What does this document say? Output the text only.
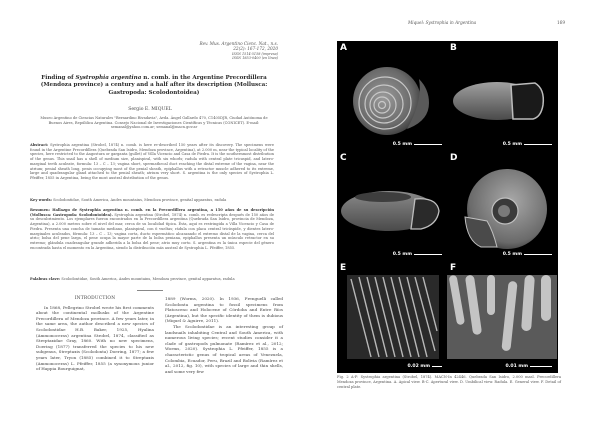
Rev. Mus. Argentino Cienc. Nat., n.s.
22(2): 167-172, 2020
ISSN 1514-5158 (impresa)
ISSN 1853-0400 (en línea)
Finding of Systrophia argentina n. comb. in the Argentine Precordillera (Mendoza province) a century and a half after its description (Mollusca: Gastropoda: Scolodontoidea)
Sergio E. MIQUEL
Museo Argentino de Ciencias Naturales "Bernardino Rivadavia", Avda. Ángel Gallardo 470, C1405DJR, Ciudad Autónoma de Buenos Aires, República Argentina. Consejo Nacional de Investigaciones Científicas y Técnicas (CONICET). E-mail: semanal@yahoo.com.ar; semanal@macn.gov.ar
Abstract: Systrophia argentina (Strobel, 1874) n. comb. is here re-described 150 years after its discovery. The specimens were found in the Argentine Precordillera (Quebrada San Isidro, Mendoza province, Argentina), at 2.000 m, near the typical locality of the species, here restricted to the Angostura or garganta (gullet) of Villa Vicencio and Casa de Piedra. It is the southernmost distribution of the genus. This snail has a shell of medium size, planispiral, with six whorls; radula with central plate tricuspid, and latero-marginal teeth aculeate, formula: 13 – C – 13; vagina short, spermathecal duct reaching the distal extreme of the vagina, near the atrium; penial sheath long, penis occupying most of the penial sheath, epiphallus with a retractor muscle adhered to its extreme, large and quadrangular gland attached to the penial sheath; atrium very short. S. argentina is the only species of Systrophia L. Pfeiffer, 1855 in Argentina, being the most austral distribution of the genus.
Key words: Scolodontidae, South America, Andes mountains, Mendoza province, genital apparatus, radula
Resumen: Hallazgo de Systrophia argentina n. comb. en la Precordillera argentina, a 150 años de su descripción (Mollusca: Gastropoda: Scolodontoidea). Systrophia argentina (Strobel, 1874) n. comb. es redescripta después de 150 años de su descubrimiento. Los ejemplares fueron encontrados en la Precordillera argentina (Quebrada San Isidro, provincia de Mendoza, Argentina), a 2.000 metros sobre el nivel del mar, cerca de su localidad típica. Ésta, aquí es restringida a Villa Vicencio y Casa de Piedra. Presenta una concha de tamaño mediano, planispiral, con 6 vueltas; rádula con placa central tricúspide, y dientes latero-marginales aculeados, fórmula: 13 – C – 13; vagina corta, ducto espermático alcanzando el extremo distal de la vagina, cerca del atrio; bolsa del pene larga, el pene ocupa la mayor parte de la bolsa peniana, epiphallus presenta un músculo retractor en su extremo; glándula cuadrangular grande adherida a la bolsa del pene; atrio muy corto. S. argentina es la única especie del género encontrada hasta el momento en la Argentina, siendo la distribución más austral de Systrophia L. Pfeiffer, 1855.
Palabras clave: Scolodontidae, South America, Andes mountains, Mendoza province, genital apparatus, radula
INTRODUCTION

In 1868, Pellegrino Strobel wrote his first comments about the continental mollusks of the Argentine Precordillera of Mendoza province. A few years later, in the same area, the author described a new species of Scolodontidae H.B. Baker, 1925, Hyalina (Ammonoceras) argentina Strobel, 1874, classified as Streptaxidae Gray, 1860. With no new specimens, Doering (1877) transferred the species to his new subgenus, Streptaxis (Scolodonta) Doering, 1877; a few years later, Tryon (1885) combined it to Streptaxis (Ammonoceras) L. Pfeiffer, 1855 (a synonymous junior of Happia Bourguignat,

1889 (Worms, 2020). In 1936, Frenguelli called Scolodonta argentina to fossil specimens from Platosceno and Holocene of Córdoba and Entre Ríos (Argentina), but the specific identity of them is dubious (Miquel & Aguirre, 2011).

The Scolodontidae is an interesting group of landsnails inhabiting Central and South America, with numerous living species; recent studies consider it a clade of gastropods pulmonate (Ramírez et al., 2012; Worms, 2020). Systrophia L. Pfeiffer, 1855 is a characteristic genus of tropical areas of Venezuela, Colombia, Ecuador, Peru, Brazil and Bolivia (Ramírez et al., 2012, fig. 10), with species of large and thin shells, and some very few

Miquel: Systrophia in Argentina	169
A
0.5 mm
B
0.5 mm
C
0.5 mm
D
0.5 mm
E
0.02 mm
F
0.01 mm
Fig. 2 A-F: Systrophia argentina (Strobel, 1874). MACN-In 42446. Quebrada San Isidro, 2.000 masl. Precordillera Mendoza province, Argentina. A. Apical view. B-C. Apertural view. D. Umbilical view. Radula. E. General view. F. Detail of central plate.
